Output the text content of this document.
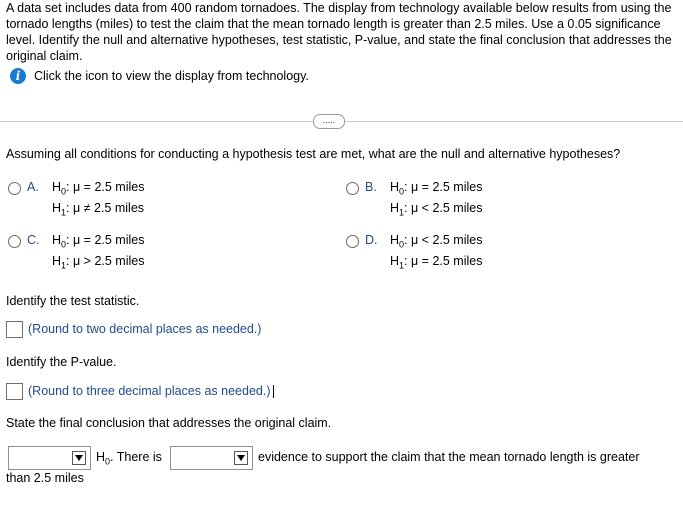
A data set includes data from 400 random tornadoes. The display from technology available below results from using the tornado lengths (miles) to test the claim that the mean tornado length is greater than 2.5 miles. Use a 0.05 significance level. Identify the null and alternative hypotheses, test statistic, P-value, and state the final conclusion that addresses the original claim.
i	Click the icon to view the display from technology.
.....
Assuming all conditions for conducting a hypothesis test are met, what are the null and alternative hypotheses?
A. $H_0$: μ = 2.5 miles
$H_1$: μ ≠ 2.5 miles
B. $H_0$: μ = 2.5 miles
$H_1$: μ < 2.5 miles
C. $H_0$: μ = 2.5 miles
$H_1$: μ > 2.5 miles
D. $H_0$: μ < 2.5 miles
$H_1$: μ = 2.5 miles
Identify the test statistic.
(Round to two decimal places as needed.)
Identify the P-value.
(Round to three decimal places as needed.)
State the final conclusion that addresses the original claim.
$H_0$. There is	evidence to support the claim that the mean tornado length is greater
than 2.5 miles
